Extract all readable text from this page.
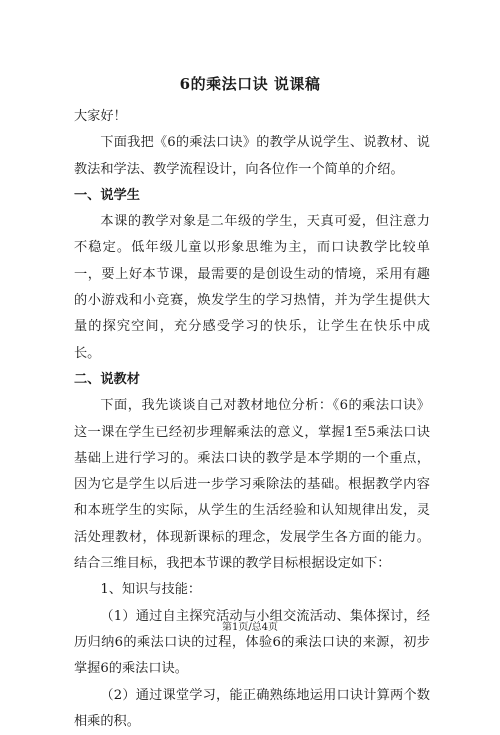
6的乘法口诀 说课稿

大家好！

下面我把《6的乘法口诀》的教学从说学生、说教材、说教法和学法、教学流程设计，向各位作一个简单的介绍。

一、说学生

本课的教学对象是二年级的学生，天真可爱，但注意力不稳定。低年级儿童以形象思维为主，而口诀教学比较单一，要上好本节课，最需要的是创设生动的情境，采用有趣的小游戏和小竞赛，焕发学生的学习热情，并为学生提供大量的探究空间，充分感受学习的快乐，让学生在快乐中成长。

二、说教材

下面，我先谈谈自己对教材地位分析：《6的乘法口诀》这一课在学生已经初步理解乘法的意义，掌握1至5乘法口诀基础上进行学习的。乘法口诀的教学是本学期的一个重点，因为它是学生以后进一步学习乘除法的基础。根据教学内容和本班学生的实际，从学生的生活经验和认知规律出发，灵活处理教材，体现新课标的理念，发展学生各方面的能力。结合三维目标，我把本节课的教学目标根据设定如下：

1、知识与技能：

（1）通过自主探究活动与小组交流活动、集体探讨，经历归纳6的乘法口诀的过程，体验6的乘法口诀的来源，初步掌握6的乘法口诀。

（2）通过课堂学习，能正确熟练地运用口诀计算两个数相乘的积。

第1页/总4页
